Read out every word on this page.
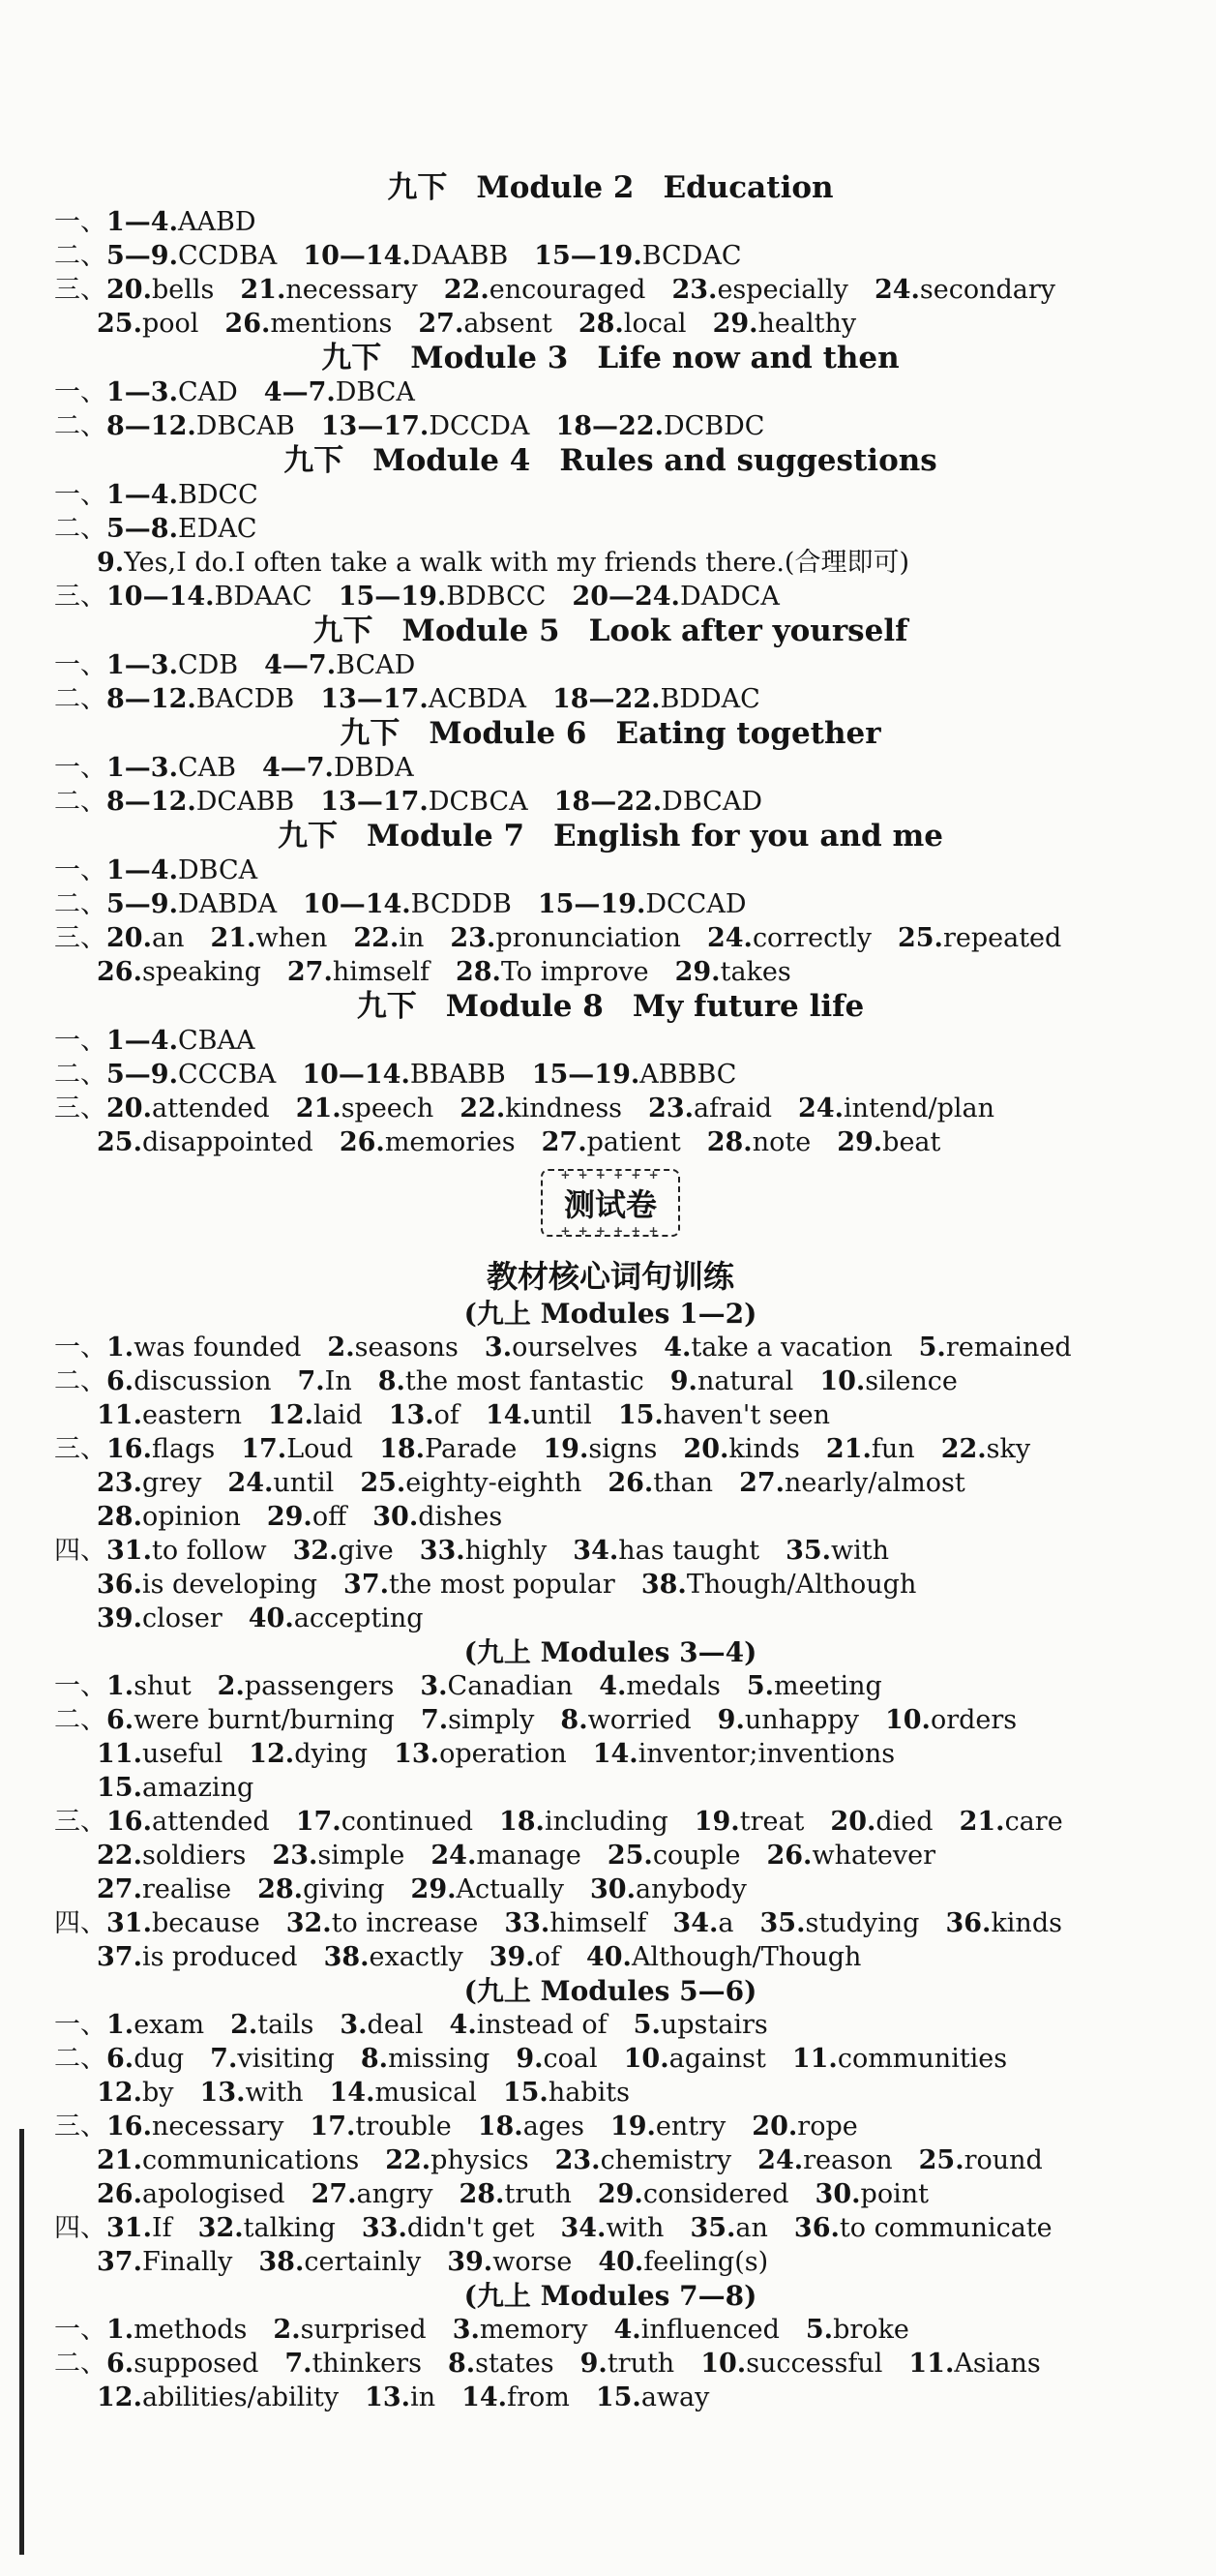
九下 Module 2 Education

一、1—4.AABD

二、5—9.CCDBA   10—14.DAABB   15—19.BCDAC

三、20.bells   21.necessary   22.encouraged   23.especially   24.secondary

25.pool   26.mentions   27.absent   28.local   29.healthy

九下 Module 3 Life now and then

一、1—3.CAD   4—7.DBCA

二、8—12.DBCAB   13—17.DCCDA   18—22.DCBDC

九下 Module 4 Rules and suggestions

一、1—4.BDCC

二、5—8.EDAC

9.Yes,I do.I often take a walk with my friends there.(合理即可)

三、10—14.BDAAC   15—19.BDBCC   20—24.DADCA

九下 Module 5 Look after yourself

一、1—3.CDB   4—7.BCAD

二、8—12.BACDB   13—17.ACBDA   18—22.BDDAC

九下 Module 6 Eating together

一、1—3.CAB   4—7.DBDA

二、8—12.DCABB   13—17.DCBCA   18—22.DBCAD

九下 Module 7 English for you and me

一、1—4.DBCA

二、5—9.DABDA   10—14.BCDDB   15—19.DCCAD

三、20.an   21.when   22.in   23.pronunciation   24.correctly   25.repeated

26.speaking   27.himself   28.To improve   29.takes

九下 Module 8 My future life

一、1—4.CBAA

二、5—9.CCCBA   10—14.BBABB   15—19.ABBBC

三、20.attended   21.speech   22.kindness   23.afraid   24.intend/plan

25.disappointed   26.memories   27.patient   28.note   29.beat

+ + + + + + 测试卷 + + + + + +

教材核心词句训练

(九上 Modules 1—2)

一、1.was founded   2.seasons   3.ourselves   4.take a vacation   5.remained

二、6.discussion   7.In   8.the most fantastic   9.natural   10.silence

11.eastern   12.laid   13.of   14.until   15.haven't seen

三、16.flags   17.Loud   18.Parade   19.signs   20.kinds   21.fun   22.sky

23.grey   24.until   25.eighty-eighth   26.than   27.nearly/almost

28.opinion   29.off   30.dishes

四、31.to follow   32.give   33.highly   34.has taught   35.with

36.is developing   37.the most popular   38.Though/Although

39.closer   40.accepting

(九上 Modules 3—4)

一、1.shut   2.passengers   3.Canadian   4.medals   5.meeting

二、6.were burnt/burning   7.simply   8.worried   9.unhappy   10.orders

11.useful   12.dying   13.operation   14.inventor;inventions

15.amazing

三、16.attended   17.continued   18.including   19.treat   20.died   21.care

22.soldiers   23.simple   24.manage   25.couple   26.whatever

27.realise   28.giving   29.Actually   30.anybody

四、31.because   32.to increase   33.himself   34.a   35.studying   36.kinds

37.is produced   38.exactly   39.of   40.Although/Though

(九上 Modules 5—6)

一、1.exam   2.tails   3.deal   4.instead of   5.upstairs

二、6.dug   7.visiting   8.missing   9.coal   10.against   11.communities

12.by   13.with   14.musical   15.habits

三、16.necessary   17.trouble   18.ages   19.entry   20.rope

21.communications   22.physics   23.chemistry   24.reason   25.round

26.apologised   27.angry   28.truth   29.considered   30.point

四、31.If   32.talking   33.didn't get   34.with   35.an   36.to communicate

37.Finally   38.certainly   39.worse   40.feeling(s)

(九上 Modules 7—8)

一、1.methods   2.surprised   3.memory   4.influenced   5.broke

二、6.supposed   7.thinkers   8.states   9.truth   10.successful   11.Asians

12.abilities/ability   13.in   14.from   15.away
